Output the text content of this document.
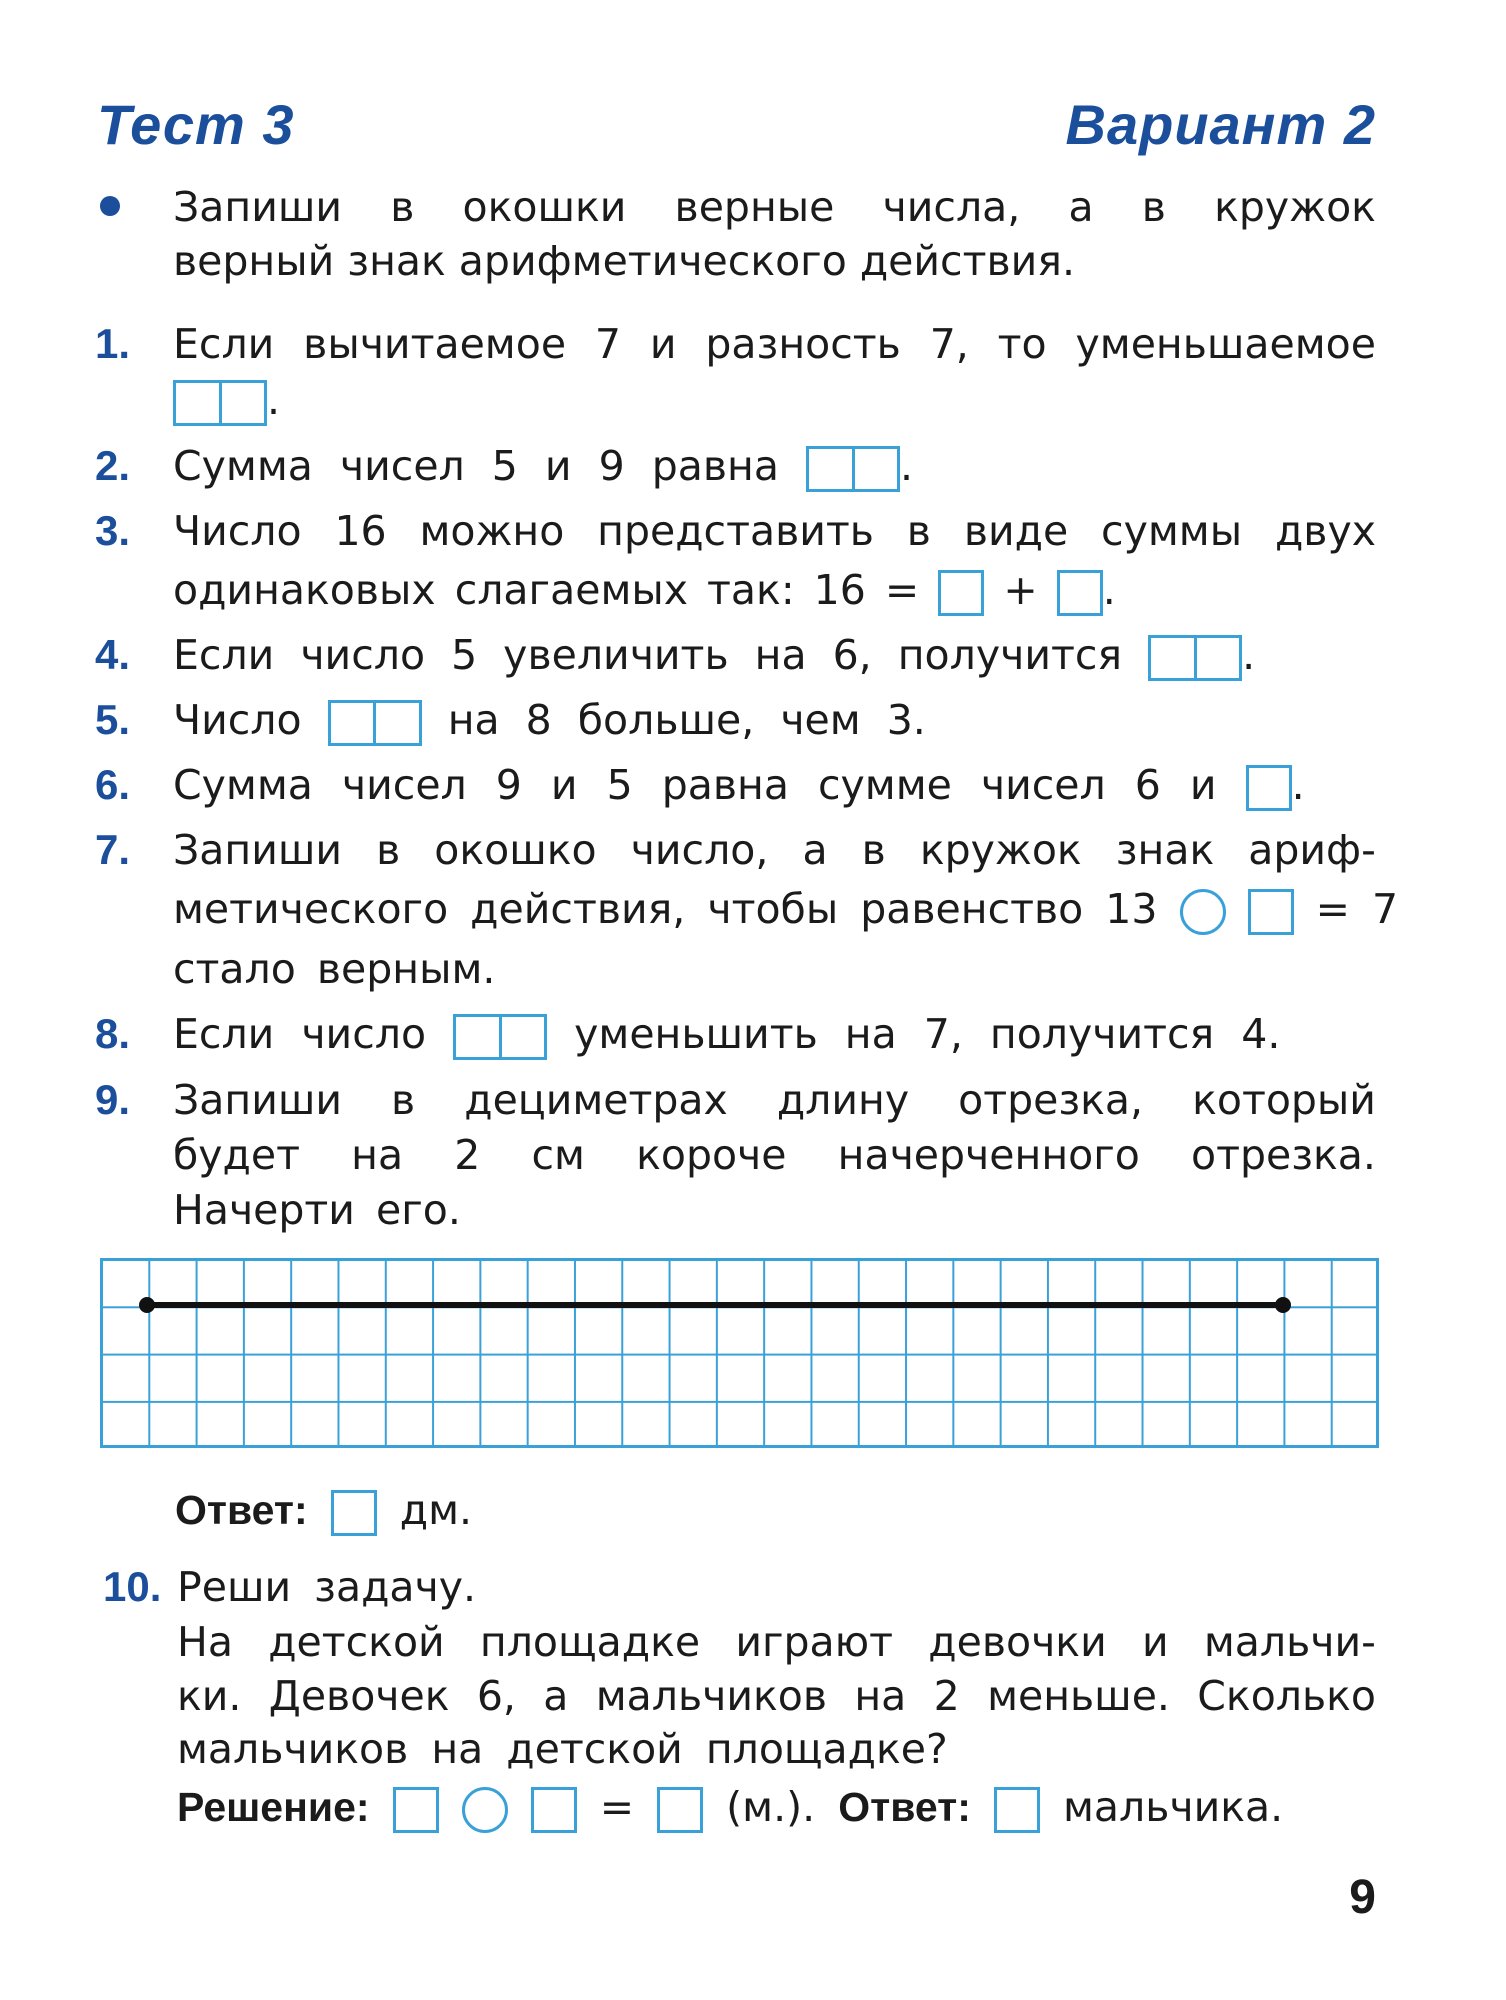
Тест 3	Вариант 2
Запиши в окошки верные числа, а в кружок
верный знак арифметического действия.
1. Если вычитаемое 7 и разность 7, то уменьшаемое
.
2. Сумма чисел 5 и 9 равна	.
3. Число 16 можно представить в виде суммы двух
одинаковых слагаемых так: 16 = + .
4. Если число 5 увеличить на 6, получится	.
5. Число	на 8 больше, чем 3.
6. Сумма чисел 9 и 5 равна сумме чисел 6 и .
7. Запиши в окошко число, а в кружок знак ариф-
метического действия, чтобы равенство 13	= 7
стало верным.
8. Если число	уменьшить на 7, получится 4.
9. Запиши в дециметрах длину отрезка, который
будет на 2 см короче начерченного отрезка.
Начерти его.
Ответ: дм.
10. Реши задачу.
На детской площадке играют девочки и мальчи-
ки. Девочек 6, а мальчиков на 2 меньше. Сколько
мальчиков на детской площадке?
Решение:	= (м.). Ответ: мальчика.
9
